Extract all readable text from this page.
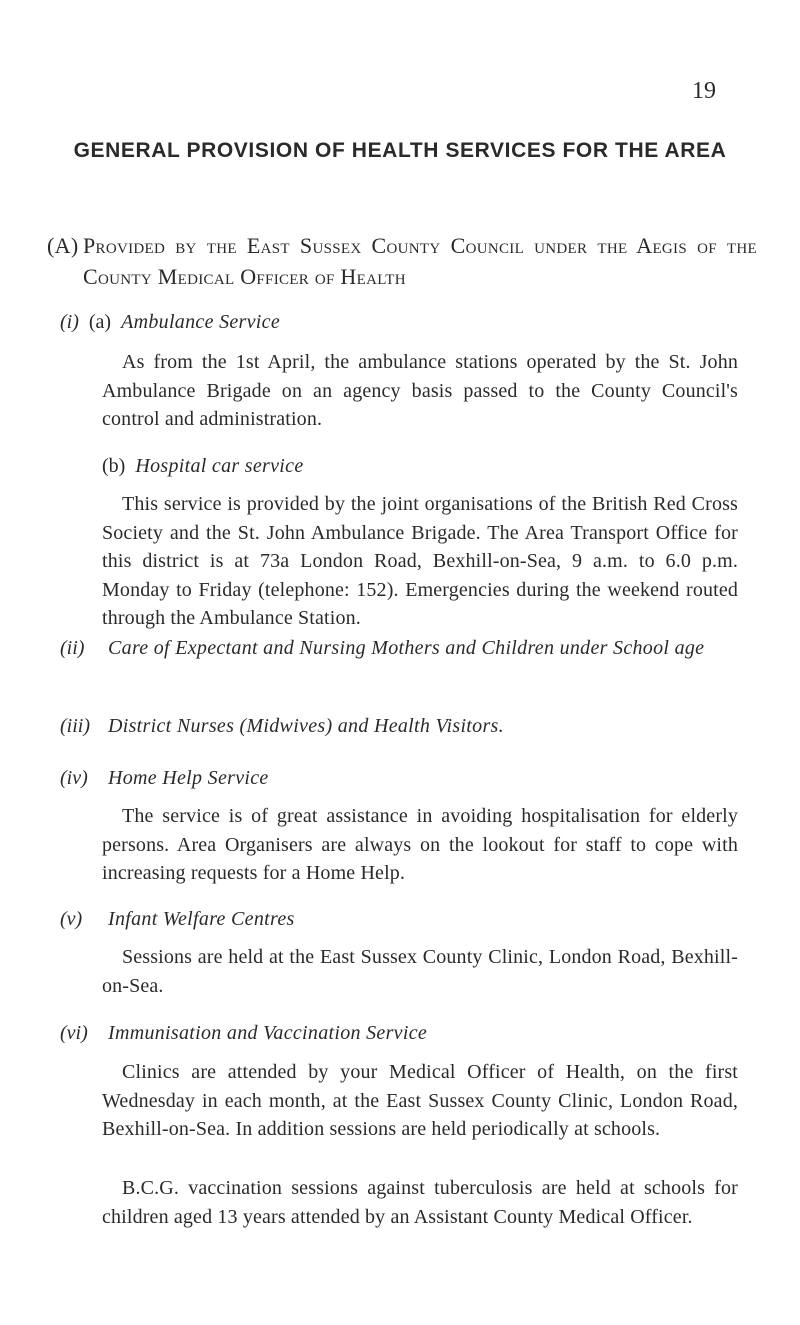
19
GENERAL PROVISION OF HEALTH SERVICES FOR THE AREA
(A) Provided by the East Sussex County Council under the Aegis of the County Medical Officer of Health
(i) (a) Ambulance Service

As from the 1st April, the ambulance stations operated by the St. John Ambulance Brigade on an agency basis passed to the County Council's control and administration.

(b) Hospital car service

This service is provided by the joint organisations of the British Red Cross Society and the St. John Ambulance Brigade. The Area Transport Office for this district is at 73a London Road, Bexhill-on-Sea, 9 a.m. to 6.0 p.m. Monday to Friday (telephone: 152). Emergencies during the weekend routed through the Ambulance Station.

(ii)	Care of Expectant and Nursing Mothers and Children under School age
(iii) District Nurses (Midwives) and Health Visitors.
(iv)	Home Help Service

The service is of great assistance in avoiding hospitalisation for elderly persons. Area Organisers are always on the lookout for staff to cope with increasing requests for a Home Help.

(v)	Infant Welfare Centres

Sessions are held at the East Sussex County Clinic, London Road, Bexhill-on-Sea.

(vi)	Immunisation and Vaccination Service

Clinics are attended by your Medical Officer of Health, on the first Wednesday in each month, at the East Sussex County Clinic, London Road, Bexhill-on-Sea. In addition sessions are held periodically at schools.

B.C.G. vaccination sessions against tuberculosis are held at schools for children aged 13 years attended by an Assistant County Medical Officer.
